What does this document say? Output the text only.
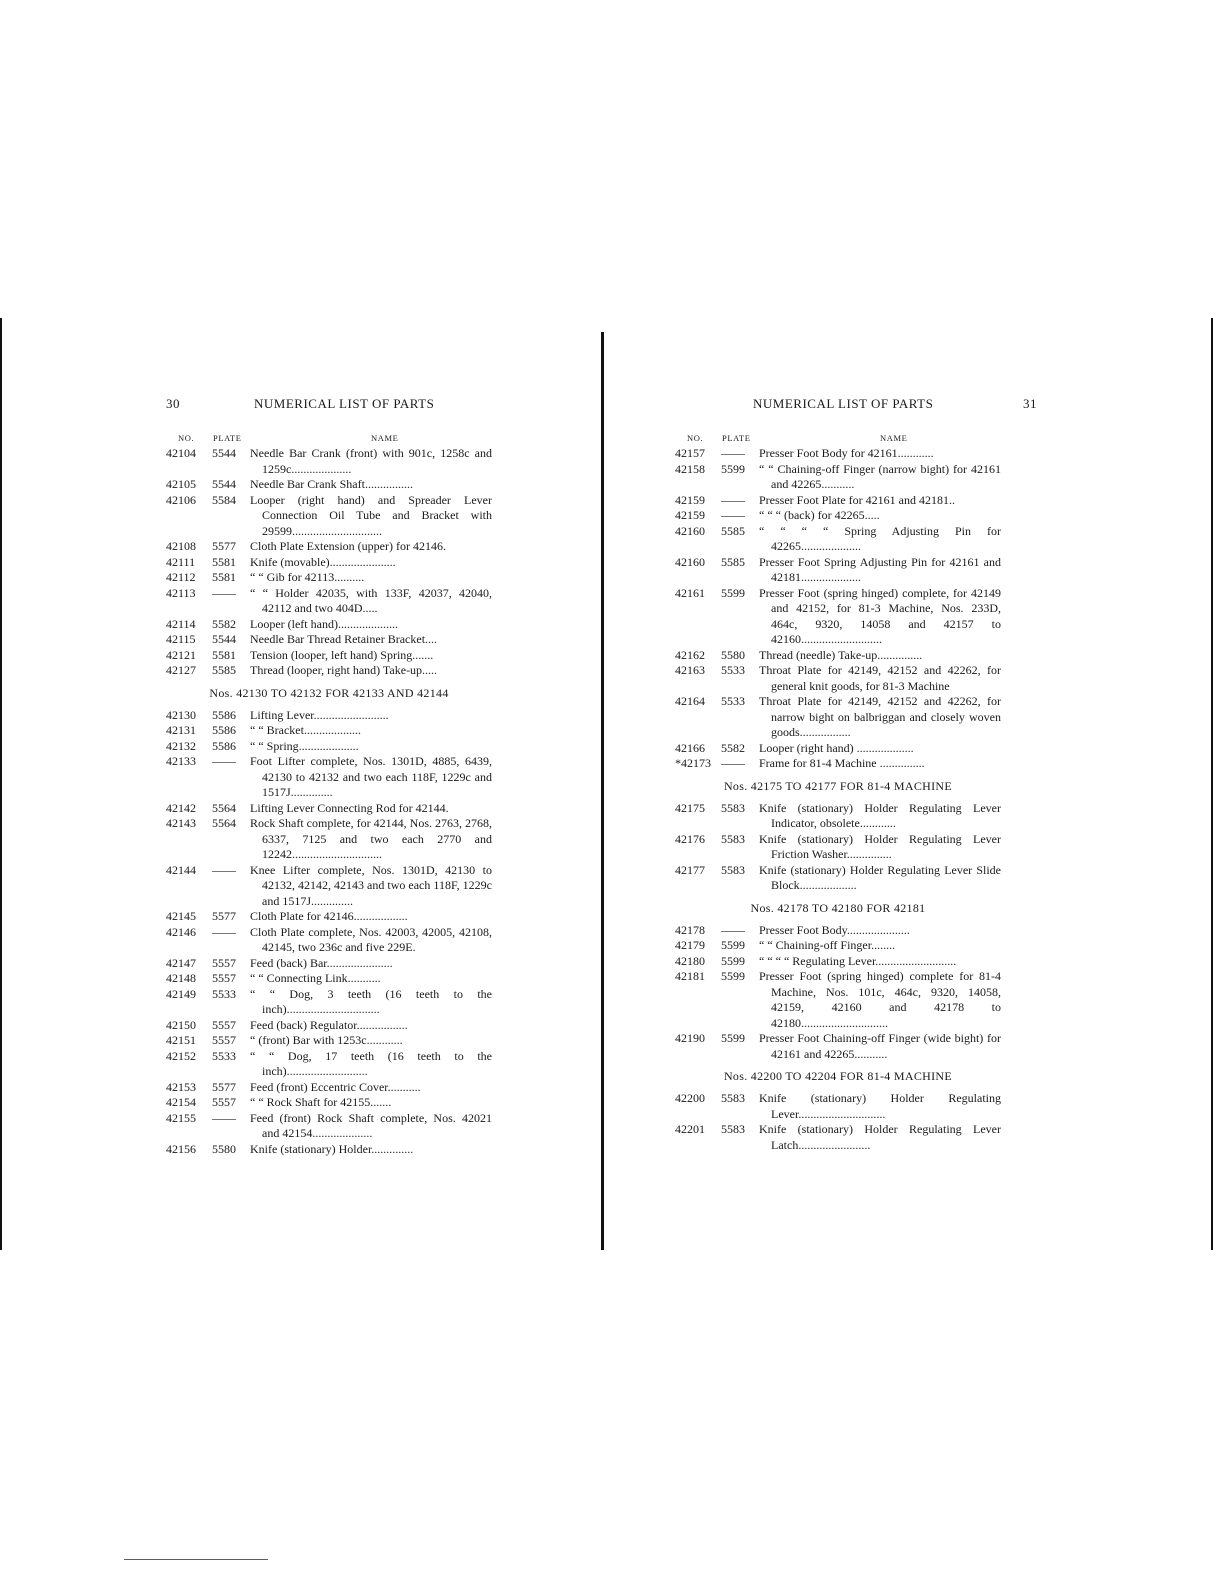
30	NUMERICAL LIST OF PARTS
NO. PLATE	NAME
42104	5544	Needle Bar Crank (front) with 901c, 1258c and 1259c....................
42105	5544	Needle Bar Crank Shaft................
42106	5584	Looper (right hand) and Spreader Lever Connection Oil Tube and Bracket with 29599..............................
42108	5577	Cloth Plate Extension (upper) for 42146.
42111	5581	Knife (movable)......................
42112	5581	“ “ Gib for 42113..........
42113	——	“ “ Holder 42035, with 133F, 42037, 42040, 42112 and two 404D.....
42114	5582	Looper (left hand)....................
42115	5544	Needle Bar Thread Retainer Bracket....
42121	5581	Tension (looper, left hand) Spring.......
42127	5585	Thread (looper, right hand) Take-up.....
Nos. 42130 TO 42132 FOR 42133 AND 42144
42130	5586	Lifting Lever.........................
42131	5586	“ “ Bracket...................
42132	5586	“ “ Spring....................
42133	——	Foot Lifter complete, Nos. 1301D, 4885, 6439, 42130 to 42132 and two each 118F, 1229c and 1517J..............
42142	5564	Lifting Lever Connecting Rod for 42144.
42143	5564	Rock Shaft complete, for 42144, Nos. 2763, 2768, 6337, 7125 and two each 2770 and 12242..............................
42144	——	Knee Lifter complete, Nos. 1301D, 42130 to 42132, 42142, 42143 and two each 118F, 1229c and 1517J..............
42145	5577	Cloth Plate for 42146..................
42146	——	Cloth Plate complete, Nos. 42003, 42005, 42108, 42145, two 236c and five 229E.
42147	5557	Feed (back) Bar......................
42148	5557	“ “ Connecting Link...........
42149	5533	“ “ Dog, 3 teeth (16 teeth to the inch)...............................
42150	5557	Feed (back) Regulator.................
42151	5557	“ (front) Bar with 1253c............
42152	5533	“ “ Dog, 17 teeth (16 teeth to the inch)...........................
42153	5577	Feed (front) Eccentric Cover...........
42154	5557	“ “ Rock Shaft for 42155.......
42155	——	Feed (front) Rock Shaft complete, Nos. 42021 and 42154....................
42156	5580	Knife (stationary) Holder..............
NUMERICAL LIST OF PARTS	31
NO. PLATE	NAME
42157	——	Presser Foot Body for 42161............
42158	5599	“ “ Chaining-off Finger (narrow bight) for 42161 and 42265...........
42159	——	Presser Foot Plate for 42161 and 42181..
42159	——	“ “ “ (back) for 42265.....
42160	5585	“ “ “ “ Spring Adjusting Pin for 42265....................
42160	5585	Presser Foot Spring Adjusting Pin for 42161 and 42181....................
42161	5599	Presser Foot (spring hinged) complete, for 42149 and 42152, for 81-3 Machine, Nos. 233D, 464c, 9320, 14058 and 42157 to 42160...........................
42162	5580	Thread (needle) Take-up...............
42163	5533	Throat Plate for 42149, 42152 and 42262, for general knit goods, for 81-3 Machine
42164	5533	Throat Plate for 42149, 42152 and 42262, for narrow bight on balbriggan and closely woven goods.................
42166	5582	Looper (right hand) ...................
*42173 ——	Frame for 81-4 Machine ...............
Nos. 42175 TO 42177 FOR 81-4 MACHINE
42175	5583	Knife (stationary) Holder Regulating Lever Indicator, obsolete............
42176	5583	Knife (stationary) Holder Regulating Lever Friction Washer...............
42177	5583	Knife (stationary) Holder Regulating Lever Slide Block...................
Nos. 42178 TO 42180 FOR 42181
42178	——	Presser Foot Body.....................
42179	5599	“ “ Chaining-off Finger........
42180	5599	“ “ “ “ Regulating Lever...........................
42181	5599	Presser Foot (spring hinged) complete for 81-4 Machine, Nos. 101c, 464c, 9320, 14058, 42159, 42160 and 42178 to 42180.............................
42190	5599	Presser Foot Chaining-off Finger (wide bight) for 42161 and 42265...........
Nos. 42200 TO 42204 FOR 81-4 MACHINE
42200	5583	Knife (stationary) Holder Regulating Lever.............................
42201	5583	Knife (stationary) Holder Regulating Lever Latch........................
